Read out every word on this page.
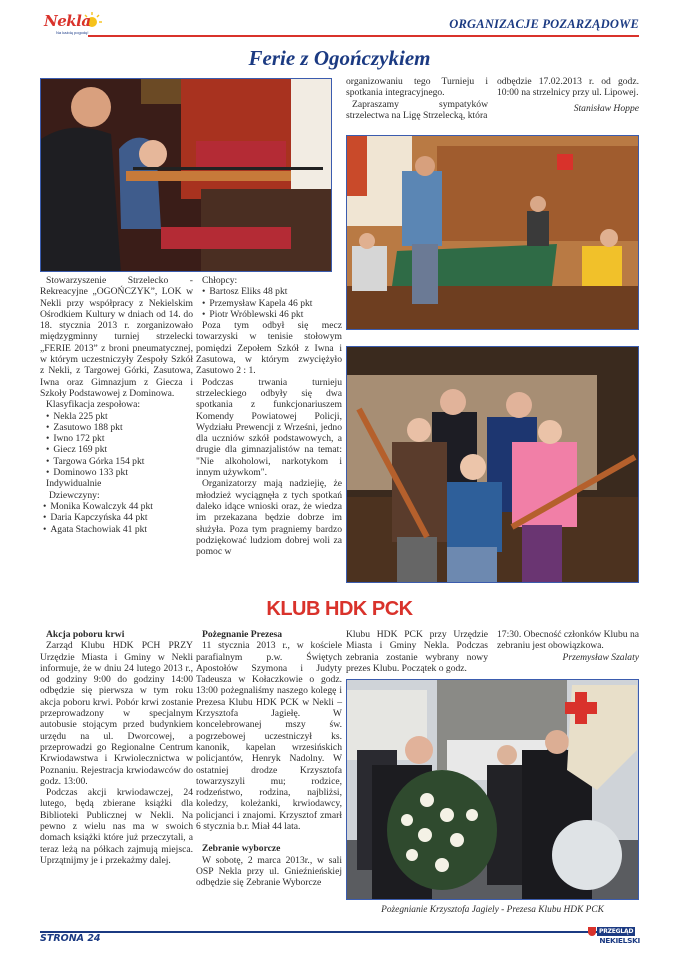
Nekla
Na każdą pogodę!
ORGANIZACJE POZARZĄDOWE
Ferie z Ogończykiem

Stowarzyszenie Strzelecko - Rekreacyjne „OGOŃCZYK”, LOK w Nekli przy współpracy z Nekielskim Ośrodkiem Kultury w dniach od 14. do 18. stycznia 2013 r. zorganizowało międzygminny turniej strzelecki „FERIE 2013” z broni pneumatycznej, w którym uczestniczyły Zespoły Szkół z Nekli, z Targowej Górki, Zasutowa, Iwna oraz Gimnazjum z Giecza i Szkoły Podstawowej z Dominowa.

Klasyfikacja zespołowa:

• Nekla 225 pkt
• Zasutowo 188 pkt
• Iwno 172 pkt
• Giecz 169 pkt
• Targowa Górka 154 pkt
• Dominowo 133 pkt

Indywidualnie

Dziewczyny:

• Monika Kowalczyk 44 pkt
• Daria Kapczyńska 44 pkt
• Agata Stachowiak 41 pkt

Chłopcy:

• Bartosz Eliks 48 pkt
• Przemysław Kapela 46 pkt
• Piotr Wróblewski 46 pkt

Poza tym odbył się mecz towarzyski w tenisie stołowym pomiędzi Zepołem Szkół z Iwna i Zasutowa, w którym zwyciężyło Zasutowo 2 : 1.

Podczas trwania turnieju strzeleckiego odbyły się dwa spotkania z funkcjonariuszem Komendy Powiatowej Policji, Wydziału Prewencji z Wrześni, jedno dla uczniów szkół podstawowych, a drugie dla gimnazjalistów na temat: "Nie alkoholowi, narkotykom i innym używkom".

Organizatorzy mają nadziejię, że młodzież wyciągnęła z tych spotkań daleko idące wnioski oraz, że wiedza im przekazana będzie dobrze im służyła. Poza tym pragniemy bardzo podziękować ludziom dobrej woli za pomoc w

organizowaniu tego Turnieju i spotkania integracyjnego.

Zapraszamy sympatyków strzelectwa na Ligę Strzelecką, która

odbędzie 17.02.2013 r. od godz. 10:00 na strzelnicy przy ul. Lipowej.

Stanisław Hoppe

KLUB HDK PCK

Akcja poboru krwi

Zarząd Klubu HDK PCH PRZY Urzędzie Miasta i Gminy w Nekli informuje, że w dniu 24 lutego 2013 r., od godziny 9:00 do godziny 14:00 odbędzie się pierwsza w tym roku akcja poboru krwi. Pobór krwi zostanie przeprowadzony w specjalnym autobusie stojącym przed budynkiem urzędu na ul. Dworcowej, a przeprowadzi go Regionalne Centrum Krwiodawstwa i Krwiolecznictwa w Poznaniu. Rejestracja krwiodawców do godz. 13:00.

Podczas akcji krwiodawczej, 24 lutego, będą zbierane książki dla Biblioteki Publicznej w Nekli. Na pewno z wielu nas ma w swoich domach książki które już przeczytali, a teraz leżą na półkach zajmują miejsca. Uprzątnijmy je i przekażmy dalej.

Pożegnanie Prezesa

11 stycznia 2013 r., w kościele parafialnym p.w. Świętych Apostołów Szymona i Judyty Tadeusza w Kołaczkowie o godz. 13:00 pożegnaliśmy naszego kolegę i Prezesa Klubu HDK PCK w Nekli – Krzysztofa Jagiełę. W koncelebrowanej mszy św. pogrzebowej uczestniczył ks. kanonik, kapelan wrzesińskich policjantów, Henryk Nadolny. W ostatniej drodze Krzysztofa towarzyszyli mu; rodzice, rodzeństwo, rodzina, najbliżsi, koledzy, koleżanki, krwiodawcy, policjanci i znajomi. Krzysztof zmarł 6 stycznia b.r. Miał 44 lata.

Zebranie wyborcze

W sobotę, 2 marca 2013r., w sali OSP Nekla przy ul. Gnieźnieńskiej odbędzie się Zebranie Wyborcze

Klubu HDK PCK przy Urzędzie Miasta i Gminy Nekla. Podczas zebrania zostanie wybrany nowy prezes Klubu. Początek o godz.

17:30. Obecność członków Klubu na zebraniu jest obowiązkowa.

Przemysław Szalaty

Pożegnianie Krzysztofa Jagiely - Prezesa Klubu HDK PCK
STRONA 24
PRZEGLĄD
NEKIELSKI
